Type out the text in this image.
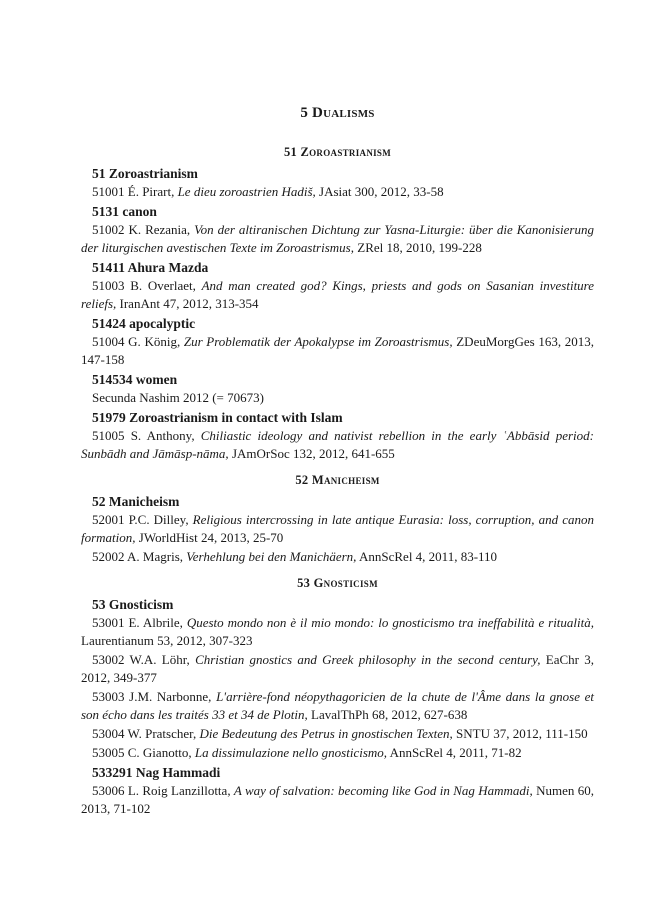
5 Dualisms
51 Zoroastrianism
51 Zoroastrianism
51001 É. Pirart, Le dieu zoroastrien Hadiš, JAsiat 300, 2012, 33-58
5131 canon
51002 K. Rezania, Von der altiranischen Dichtung zur Yasna-Liturgie: über die Kanonisierung der liturgischen avestischen Texte im Zoroastrismus, ZRel 18, 2010, 199-228
51411 Ahura Mazda
51003 B. Overlaet, And man created god? Kings, priests and gods on Sasanian investiture reliefs, IranAnt 47, 2012, 313-354
51424 apocalyptic
51004 G. König, Zur Problematik der Apokalypse im Zoroastrismus, ZDeuMorgGes 163, 2013, 147-158
514534 women
Secunda Nashim 2012 (= 70673)
51979 Zoroastrianism in contact with Islam
51005 S. Anthony, Chiliastic ideology and nativist rebellion in the early ʿAbbāsid period: Sunbādh and Jāmāsp-nāma, JAmOrSoc 132, 2012, 641-655
52 Manicheism
52 Manicheism
52001 P.C. Dilley, Religious intercrossing in late antique Eurasia: loss, corruption, and canon formation, JWorldHist 24, 2013, 25-70
52002 A. Magris, Verhehlung bei den Manichäern, AnnScRel 4, 2011, 83-110
53 Gnosticism
53 Gnosticism
53001 E. Albrile, Questo mondo non è il mio mondo: lo gnosticismo tra ineffabilità e ritualità, Laurentianum 53, 2012, 307-323
53002 W.A. Löhr, Christian gnostics and Greek philosophy in the second century, EaChr 3, 2012, 349-377
53003 J.M. Narbonne, L'arrière-fond néopythagoricien de la chute de l'Âme dans la gnose et son écho dans les traités 33 et 34 de Plotin, LavalThPh 68, 2012, 627-638
53004 W. Pratscher, Die Bedeutung des Petrus in gnostischen Texten, SNTU 37, 2012, 111-150
53005 C. Gianotto, La dissimulazione nello gnosticismo, AnnScRel 4, 2011, 71-82
533291 Nag Hammadi
53006 L. Roig Lanzillotta, A way of salvation: becoming like God in Nag Hammadi, Numen 60, 2013, 71-102
